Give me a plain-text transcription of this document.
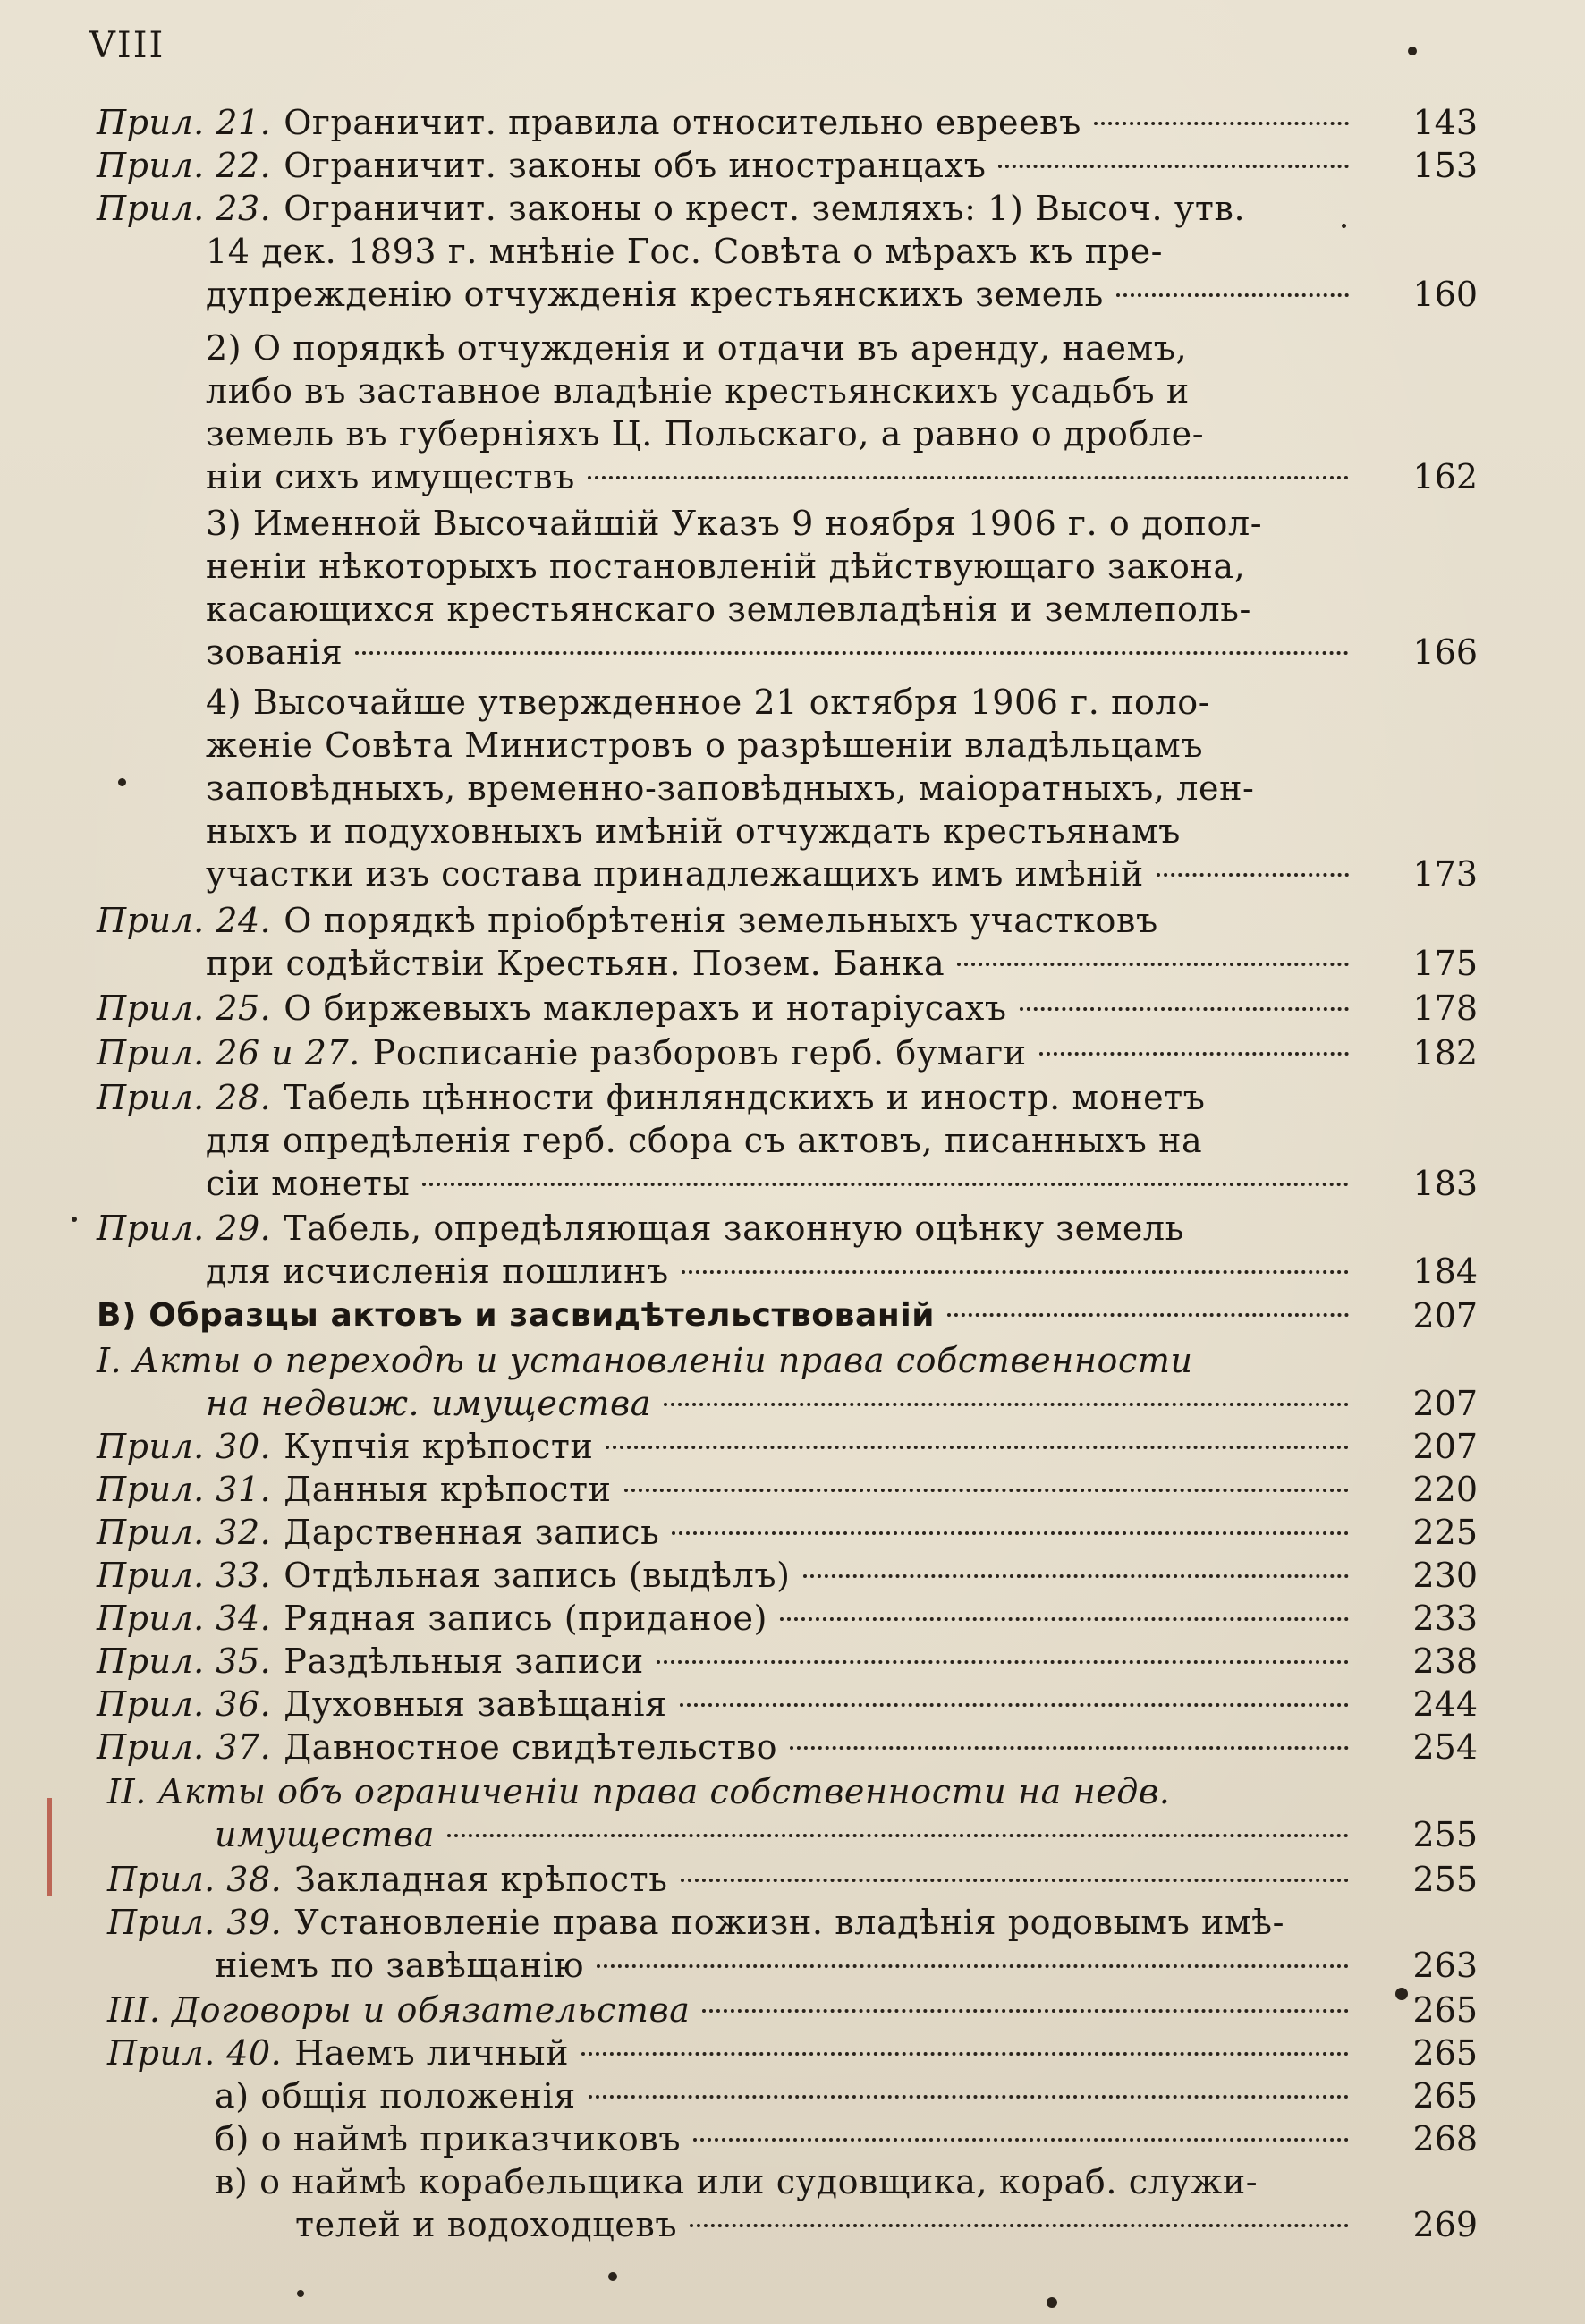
VIII
Прил. 21. Ограничит. правила относительно евреевъ	143
Прил. 22. Ограничит. законы объ иностранцахъ	153
Прил. 23. Ограничит. законы о крест. земляхъ: 1) Высоч. утв.
14 дек. 1893 г. мнѣніе Гос. Совѣта о мѣрахъ къ пре-
дупрежденію отчужденія крестьянскихъ земель	160
2) О порядкѣ отчужденія и отдачи въ аренду, наемъ,
либо въ заставное владѣніе крестьянскихъ усадьбъ и
земель въ губерніяхъ Ц. Польскаго, а равно о дробле-
ніи сихъ имуществъ	162
3) Именной Высочайшій Указъ 9 ноября 1906 г. о допол-
неніи нѣкоторыхъ постановленій дѣйствующаго закона,
касающихся крестьянскаго землевладѣнія и землеполь-
зованія	166
4) Высочайше утвержденное 21 октября 1906 г. поло-
женіе Совѣта Министровъ о разрѣшеніи владѣльцамъ
заповѣдныхъ, временно-заповѣдныхъ, маіоратныхъ, лен-
ныхъ и подуховныхъ имѣній отчуждать крестьянамъ
участки изъ состава принадлежащихъ имъ имѣній	173
Прил. 24. О порядкѣ пріобрѣтенія земельныхъ участковъ
при содѣйствіи Крестьян. Позем. Банка	175
Прил. 25. О биржевыхъ маклерахъ и нотаріусахъ	178
Прил. 26 и 27. Росписаніе разборовъ герб. бумаги	182
Прил. 28. Табель цѣнности финляндскихъ и иностр. монетъ
для опредѣленія герб. сбора съ актовъ, писанныхъ на
сіи монеты	183
Прил. 29. Табель, опредѣляющая законную оцѣнку земель
для исчисленія пошлинъ	184
В) Образцы актовъ и засвидѣтельствованій	207
I. Акты о переходѣ и установленіи права собственности
на недвиж. имущества	207
Прил. 30. Купчія крѣпости	207
Прил. 31. Данныя крѣпости	220
Прил. 32. Дарственная запись	225
Прил. 33. Отдѣльная запись (выдѣлъ)	230
Прил. 34. Рядная запись (приданое)	233
Прил. 35. Раздѣльныя записи	238
Прил. 36. Духовныя завѣщанія	244
Прил. 37. Давностное свидѣтельство	254
II. Акты объ ограниченіи права собственности на недв.
имущества	255
Прил. 38. Закладная крѣпость	255
Прил. 39. Установленіе права пожизн. владѣнія родовымъ имѣ-
ніемъ по завѣщанію	263
III. Договоры и обязательства	265
Прил. 40. Наемъ личный	265
а) общія положенія	265
б) о наймѣ приказчиковъ	268
в) о наймѣ корабельщика или судовщика, кораб. служи-
телей и водоходцевъ	269
